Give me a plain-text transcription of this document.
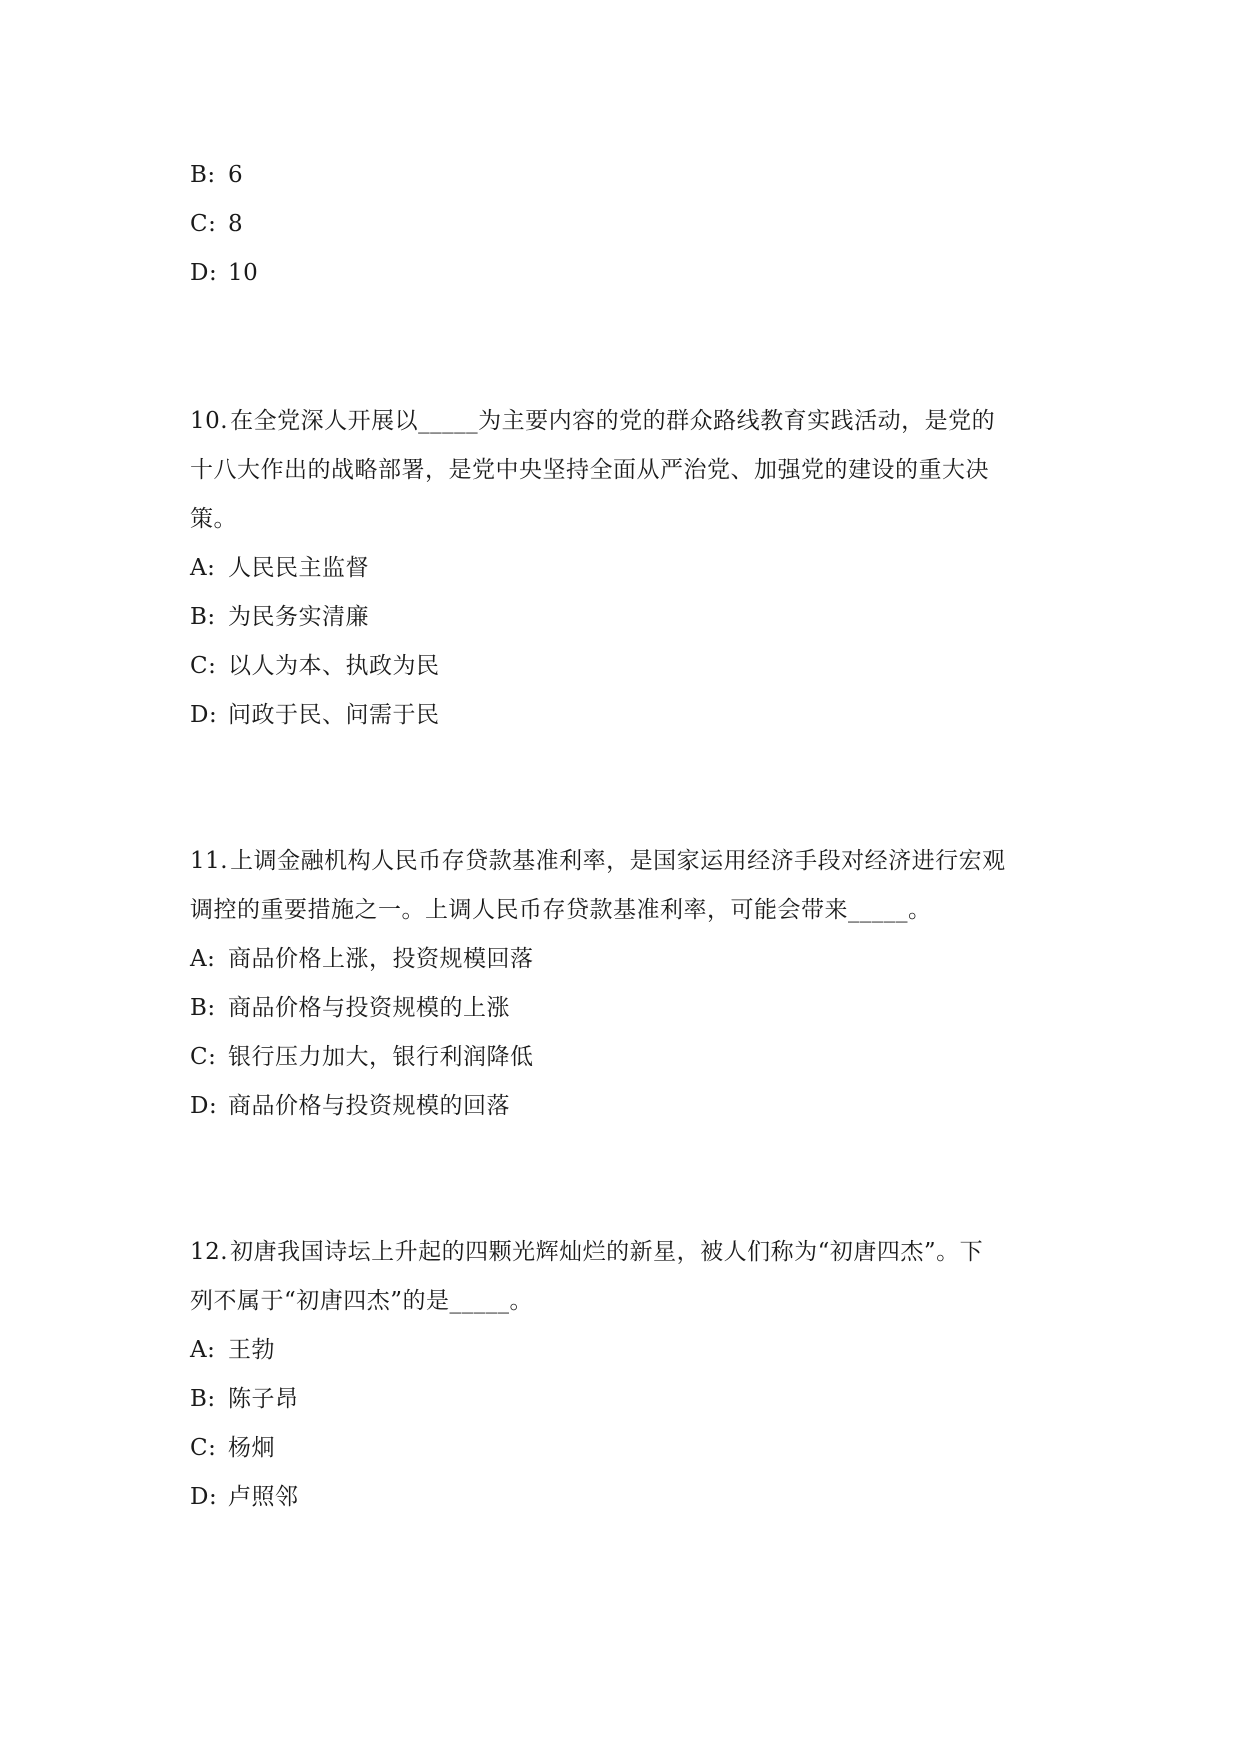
B: 6
C: 8
D: 10
10.在全党深人开展以_____为主要内容的党的群众路线教育实践活动，是党的
十八大作出的战略部署，是党中央坚持全面从严治党、加强党的建设的重大决
策。
A: 人民民主监督
B: 为民务实清廉
C: 以人为本、执政为民
D: 问政于民、问需于民
11.上调金融机构人民币存贷款基准利率，是国家运用经济手段对经济进行宏观
调控的重要措施之一。上调人民币存贷款基准利率，可能会带来_____。
A: 商品价格上涨，投资规模回落
B: 商品价格与投资规模的上涨
C: 银行压力加大，银行利润降低
D: 商品价格与投资规模的回落
12.初唐我国诗坛上升起的四颗光辉灿烂的新星，被人们称为“初唐四杰”。下
列不属于“初唐四杰”的是_____。
A: 王勃
B: 陈子昂
C: 杨炯
D: 卢照邻
